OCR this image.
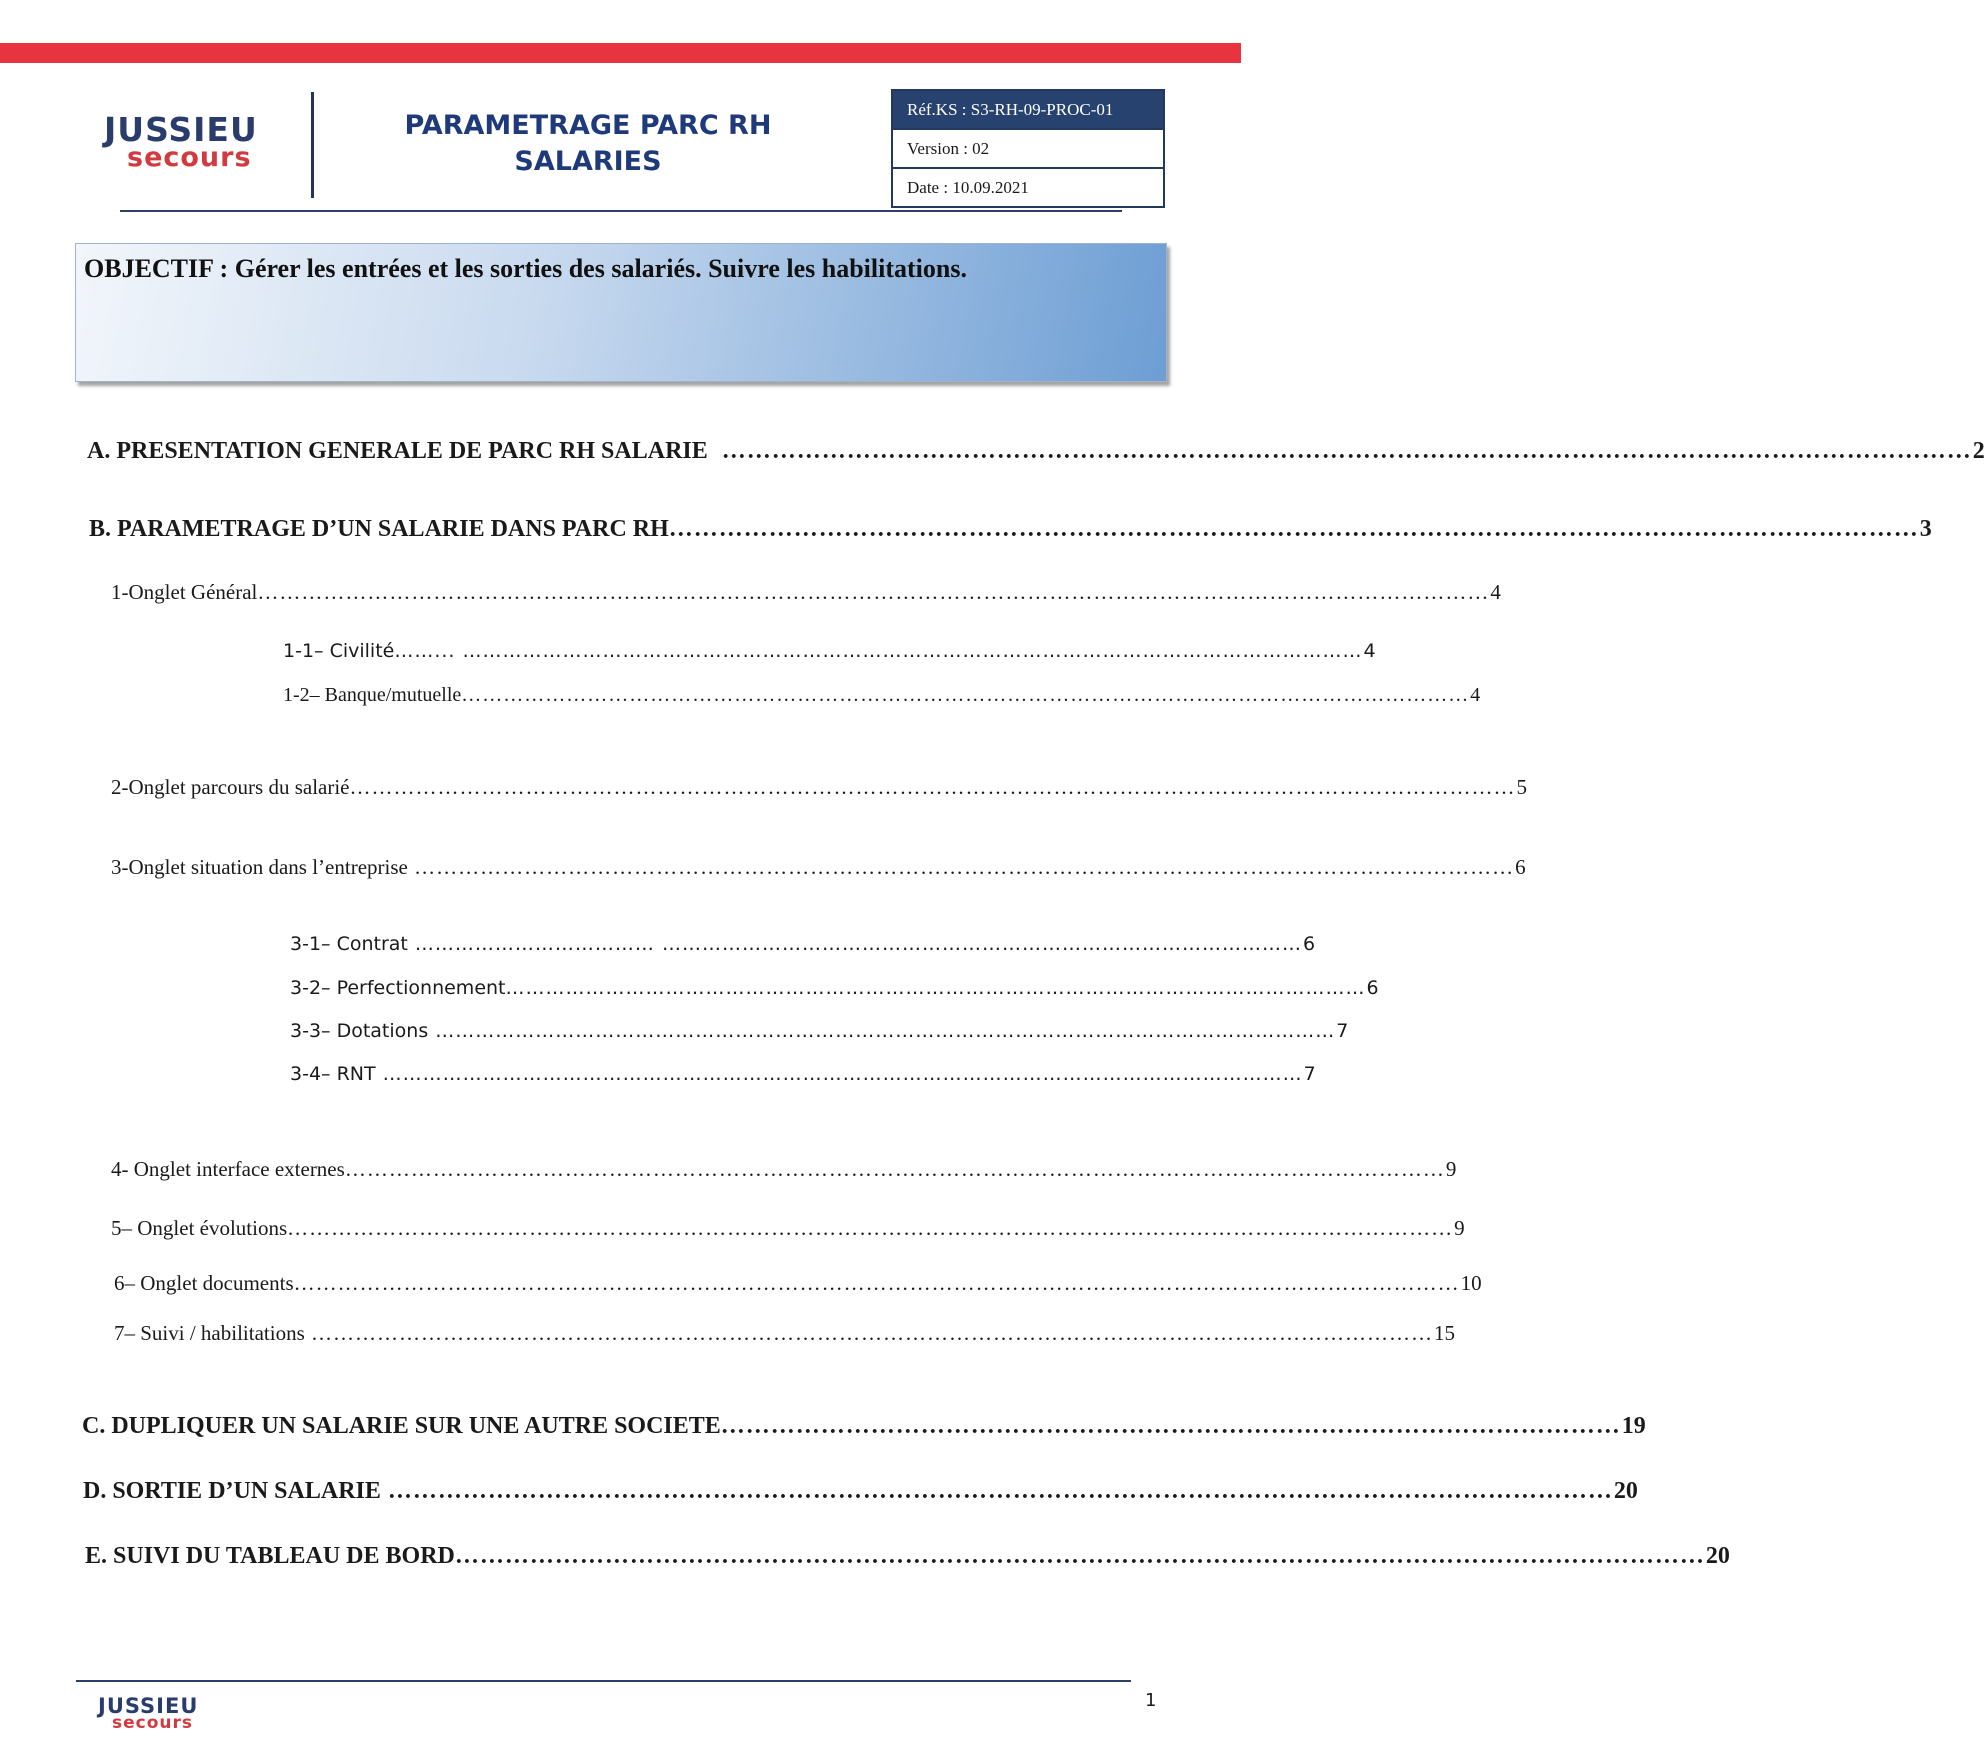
JUSSIEU
secours
PARAMETRAGE PARC RH
SALARIES
Réf.KS : S3-RH-09-PROC-01
Version : 02
Date : 10.09.2021
OBJECTIF : Gérer les entrées et les sorties des salariés. Suivre les habilitations.
A. PRESENTATION GENERALE DE PARC RH SALARIE …………………………………………………………………………………………………………………………………… 2
B. PARAMETRAGE D’UN SALARIE DANS PARC RH …………………………………………………………………………………………………………………………………… 3
1-Onglet Général …………………………………………………………………………………………………………………………………………………… 4
1-1– Civilité ……... ……………………………………………………………………………………………………………………… 4
1-2– Banque/mutuelle ……………………………………………………………………………………………………………………………… 4
2-Onglet parcours du salarié …………………………………………………………………………………………………………………………………………… 5
3-Onglet situation dans l’entreprise …………………………………………………………………………………………………………………………………… 6
3-1– Contrat ……………………………… …………………………………………………………………………………… 6
3-2– Perfectionnement ………………………………………………………………………………………………………………… 6
3-3– Dotations ……………………………………………………………………………………………………………………… 7
3-4– RNT ………………………………………………………………………………………………………………………… 7
4- Onglet interface externes …………………………………………………………………………………………………………………………………… 9
5– Onglet évolutions …………………………………………………………………………………………………………………………………………… 9
6– Onglet documents …………………………………………………………………………………………………………………………………………… 10
7– Suivi / habilitations ……………………………………………………………………………………………………………………………………… 15
C. DUPLIQUER UN SALARIE SUR UNE AUTRE SOCIETE ……………………………………………………………………………………………… 19
D. SORTIE D’UN SALARIE ………………………………………………………………………………………………………………………………… 20
E. SUIVI DU TABLEAU DE BORD …………………………………………………………………………………………………………………………………… 20
JUSSIEU
secours
1
